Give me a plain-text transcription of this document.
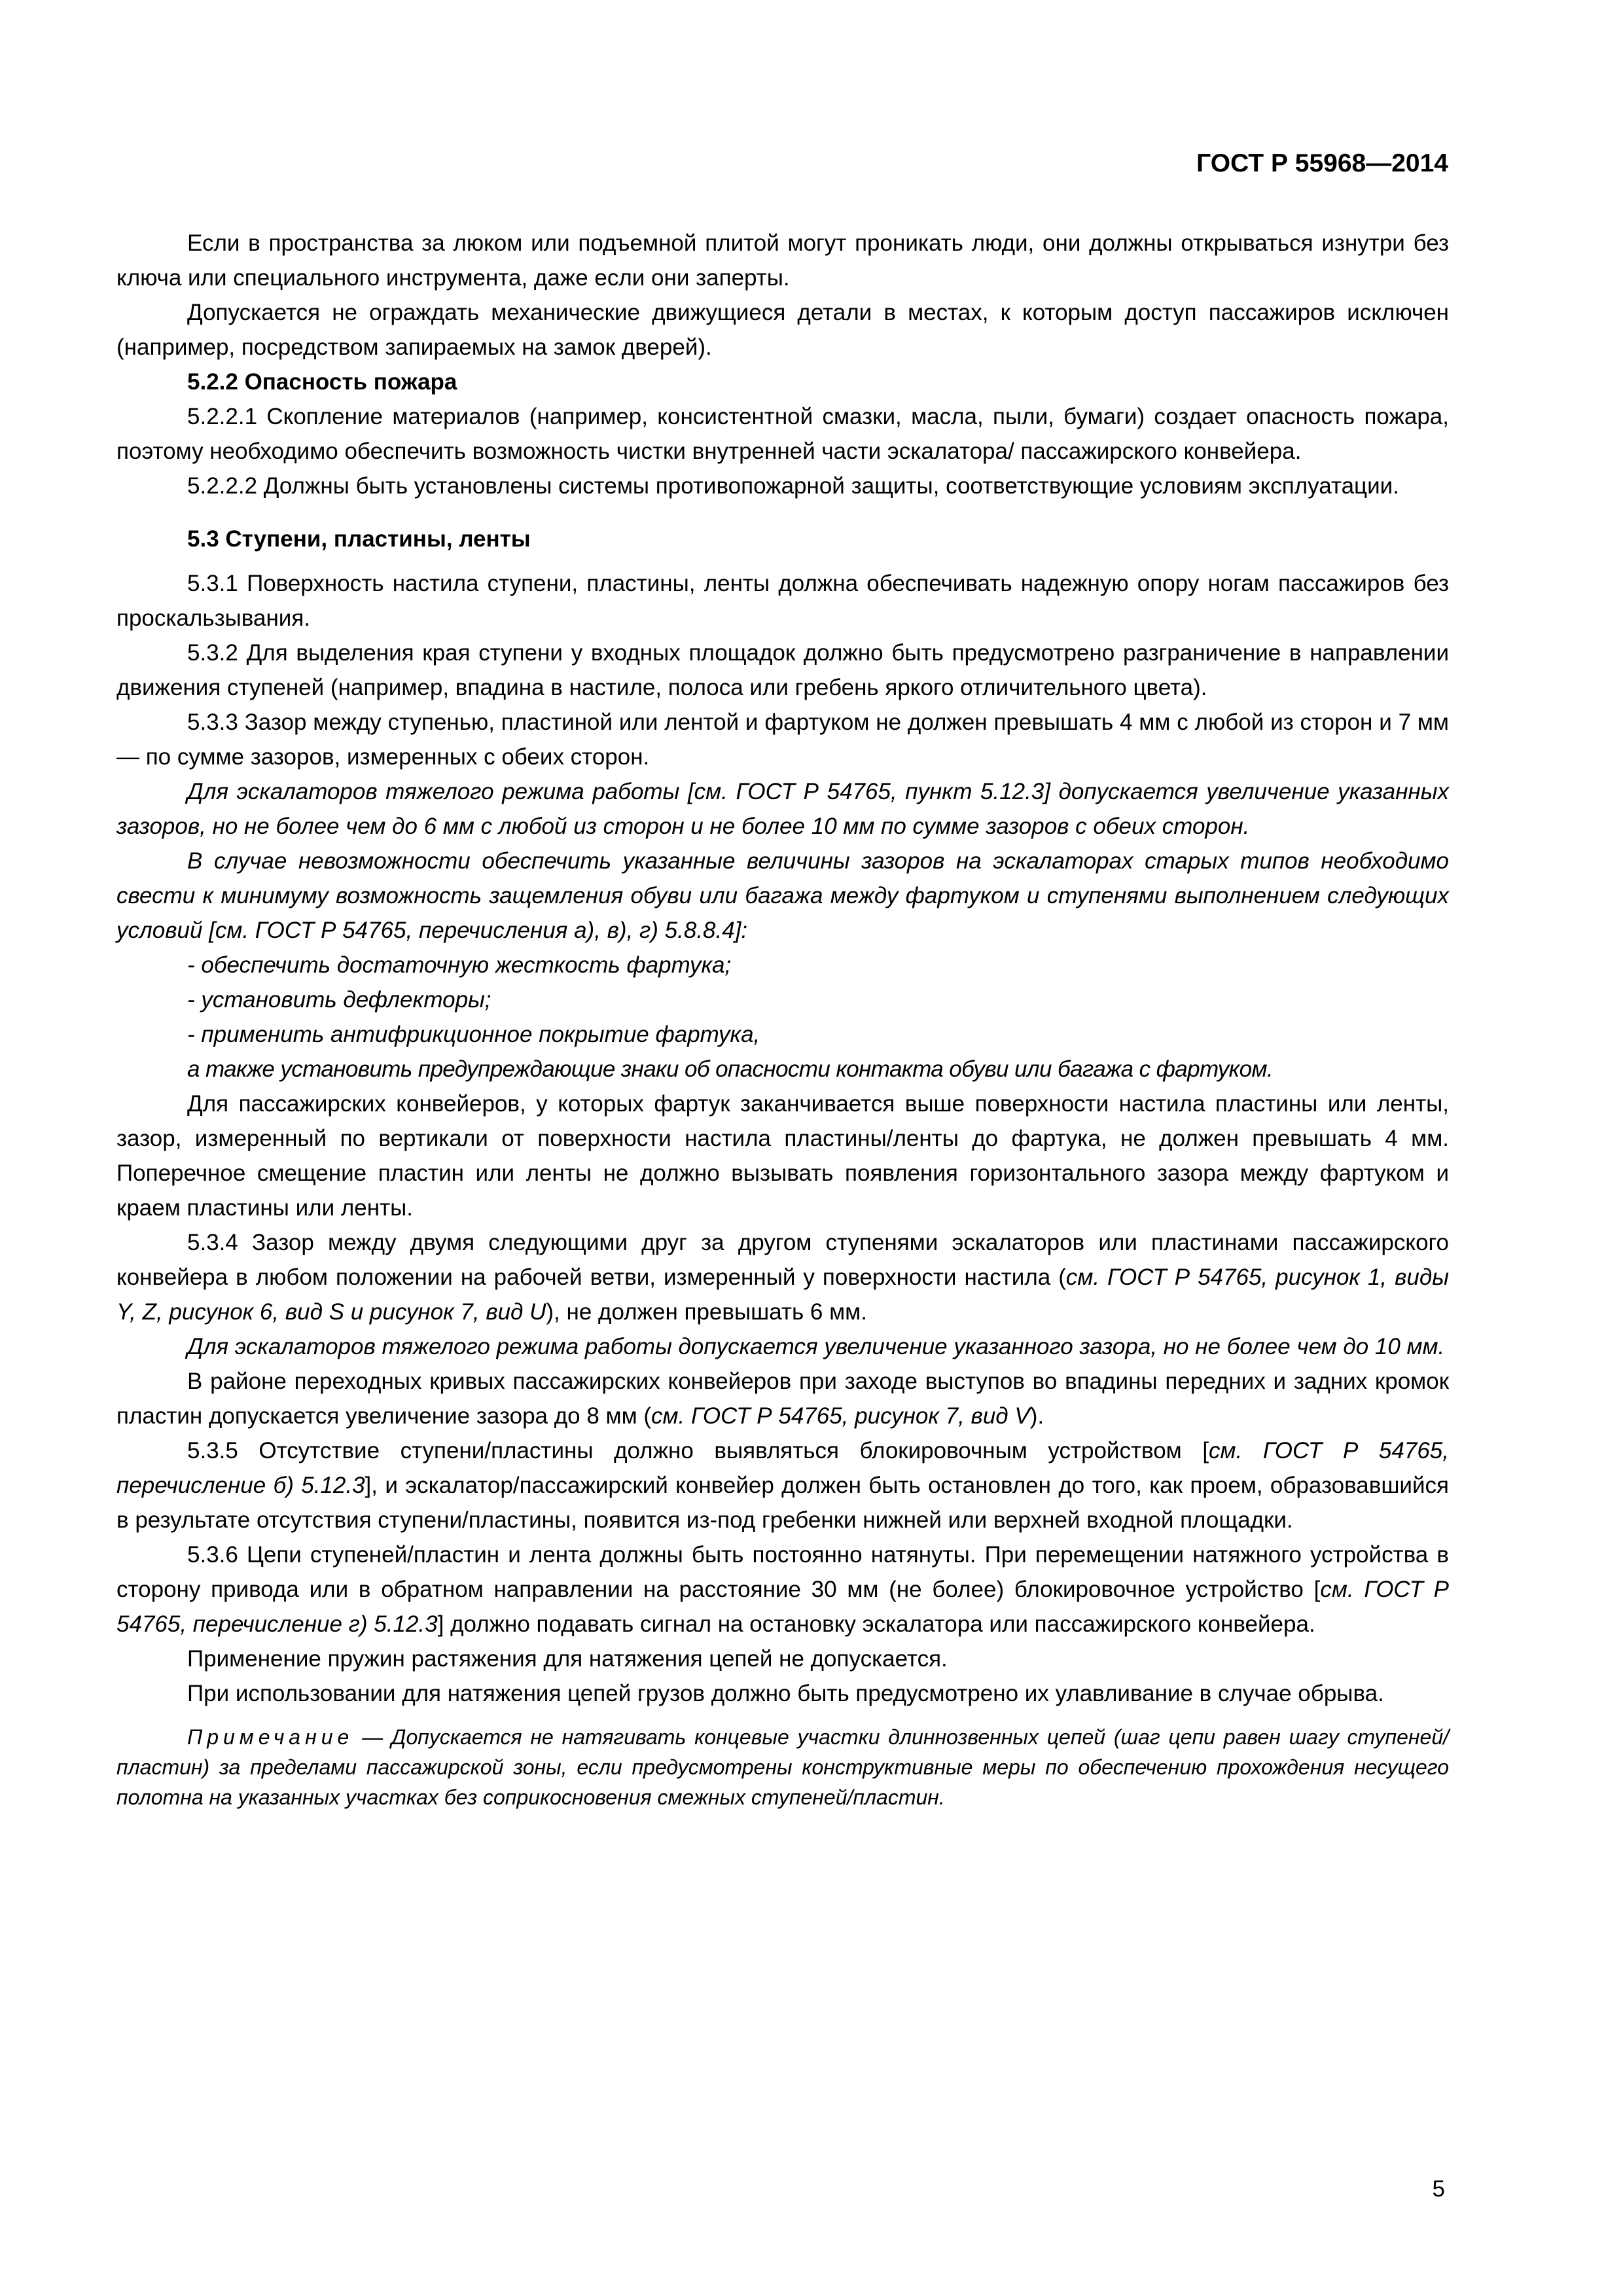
ГОСТ Р 55968—2014

Если в пространства за люком или подъемной плитой могут проникать люди, они должны открываться изнутри без ключа или специального инструмента, даже если они заперты.

Допускается не ограждать механические движущиеся детали в местах, к которым доступ пассажиров исключен (например, посредством запираемых на замок дверей).

5.2.2 Опасность пожара

5.2.2.1 Скопление материалов (например, консистентной смазки, масла, пыли, бумаги) создает опасность пожара, поэтому необходимо обеспечить возможность чистки внутренней части эскалатора/ пассажирского конвейера.

5.2.2.2 Должны быть установлены системы противопожарной защиты, соответствующие условиям эксплуатации.

5.3 Ступени, пластины, ленты

5.3.1 Поверхность настила ступени, пластины, ленты должна обеспечивать надежную опору ногам пассажиров без проскальзывания.

5.3.2 Для выделения края ступени у входных площадок должно быть предусмотрено разграничение в направлении движения ступеней (например, впадина в настиле, полоса или гребень яркого отличительного цвета).

5.3.3 Зазор между ступенью, пластиной или лентой и фартуком не должен превышать 4 мм с любой из сторон и 7 мм — по сумме зазоров, измеренных с обеих сторон.

Для эскалаторов тяжелого режима работы [см. ГОСТ Р 54765, пункт 5.12.3] допускается увеличение указанных зазоров, но не более чем до 6 мм с любой из сторон и не более 10 мм по сумме зазоров с обеих сторон.

В случае невозможности обеспечить указанные величины зазоров на эскалаторах старых типов необходимо свести к минимуму возможность защемления обуви или багажа между фартуком и ступенями выполнением следующих условий [см. ГОСТ Р 54765, перечисления а), в), г) 5.8.8.4]:

- обеспечить достаточную жесткость фартука;

- установить дефлекторы;

- применить антифрикционное покрытие фартука,

а также установить предупреждающие знаки об опасности контакта обуви или багажа с фартуком.

Для пассажирских конвейеров, у которых фартук заканчивается выше поверхности настила пластины или ленты, зазор, измеренный по вертикали от поверхности настила пластины/ленты до фартука, не должен превышать 4 мм. Поперечное смещение пластин или ленты не должно вызывать появления горизонтального зазора между фартуком и краем пластины или ленты.

5.3.4 Зазор между двумя следующими друг за другом ступенями эскалаторов или пластинами пассажирского конвейера в любом положении на рабочей ветви, измеренный у поверхности настила (см. ГОСТ Р 54765, рисунок 1, виды Y, Z, рисунок 6, вид S и рисунок 7, вид U), не должен превышать 6 мм.

Для эскалаторов тяжелого режима работы допускается увеличение указанного зазора, но не более чем до 10 мм.

В районе переходных кривых пассажирских конвейеров при заходе выступов во впадины передних и задних кромок пластин допускается увеличение зазора до 8 мм (см. ГОСТ Р 54765, рисунок 7, вид V).

5.3.5 Отсутствие ступени/пластины должно выявляться блокировочным устройством [см. ГОСТ Р 54765, перечисление б) 5.12.3], и эскалатор/пассажирский конвейер должен быть остановлен до того, как проем, образовавшийся в результате отсутствия ступени/пластины, появится из-под гребенки нижней или верхней входной площадки.

5.3.6 Цепи ступеней/пластин и лента должны быть постоянно натянуты. При перемещении натяжного устройства в сторону привода или в обратном направлении на расстояние 30 мм (не более) блокировочное устройство [см. ГОСТ Р 54765, перечисление г) 5.12.3] должно подавать сигнал на остановку эскалатора или пассажирского конвейера.

Применение пружин растяжения для натяжения цепей не допускается.

При использовании для натяжения цепей грузов должно быть предусмотрено их улавливание в случае обрыва.

Примечание — Допускается не натягивать концевые участки длиннозвенных цепей (шаг цепи равен шагу ступеней/пластин) за пределами пассажирской зоны, если предусмотрены конструктивные меры по обеспечению прохождения несущего полотна на указанных участках без соприкосновения смежных ступеней/пластин.

5
